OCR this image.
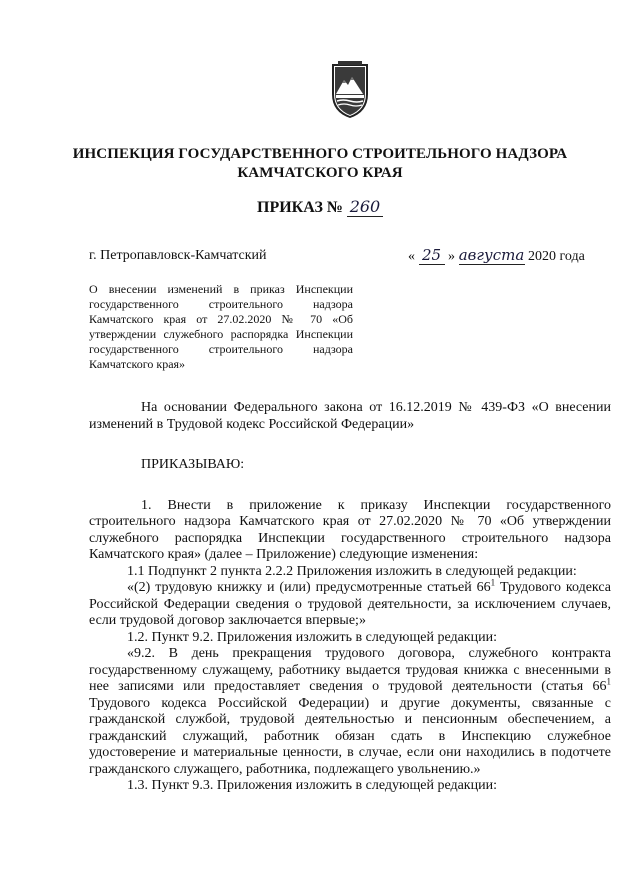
ИНСПЕКЦИЯ ГОСУДАРСТВЕННОГО СТРОИТЕЛЬНОГО НАДЗОРА
КАМЧАТСКОГО КРАЯ
ПРИКАЗ № 260
г. Петропавловск-Камчатский	« 25 » августа 2020 года
О внесении изменений в приказ Инспекции государственного строительного надзора Камчатского края от 27.02.2020 № 70 «Об утверждении служебного распорядка Инспекции государственного строительного надзора Камчатского края»

На основании Федерального закона от 16.12.2019 № 439-ФЗ «О внесении изменений в Трудовой кодекс Российской Федерации»

ПРИКАЗЫВАЮ:

1. Внести в приложение к приказу Инспекции государственного строительного надзора Камчатского края от 27.02.2020 № 70 «Об утверждении служебного распорядка Инспекции государственного строительного надзора Камчатского края» (далее – Приложение) следующие изменения:

1.1 Подпункт 2 пункта 2.2.2 Приложения изложить в следующей редакции:

«(2) трудовую книжку и (или) предусмотренные статьей $66^1$ Трудового кодекса Российской Федерации сведения о трудовой деятельности, за исключением случаев, если трудовой договор заключается впервые;»

1.2. Пункт 9.2. Приложения изложить в следующей редакции:

«9.2. В день прекращения трудового договора, служебного контракта государственному служащему, работнику выдается трудовая книжка с внесенными в нее записями или предоставляет сведения о трудовой деятельности (статья $66^1$ Трудового кодекса Российской Федерации) и другие документы, связанные с гражданской службой, трудовой деятельностью и пенсионным обеспечением, а гражданский служащий, работник обязан сдать в Инспекцию служебное удостоверение и материальные ценности, в случае, если они находились в подотчете гражданского служащего, работника, подлежащего увольнению.»

1.3. Пункт 9.3. Приложения изложить в следующей редакции:
